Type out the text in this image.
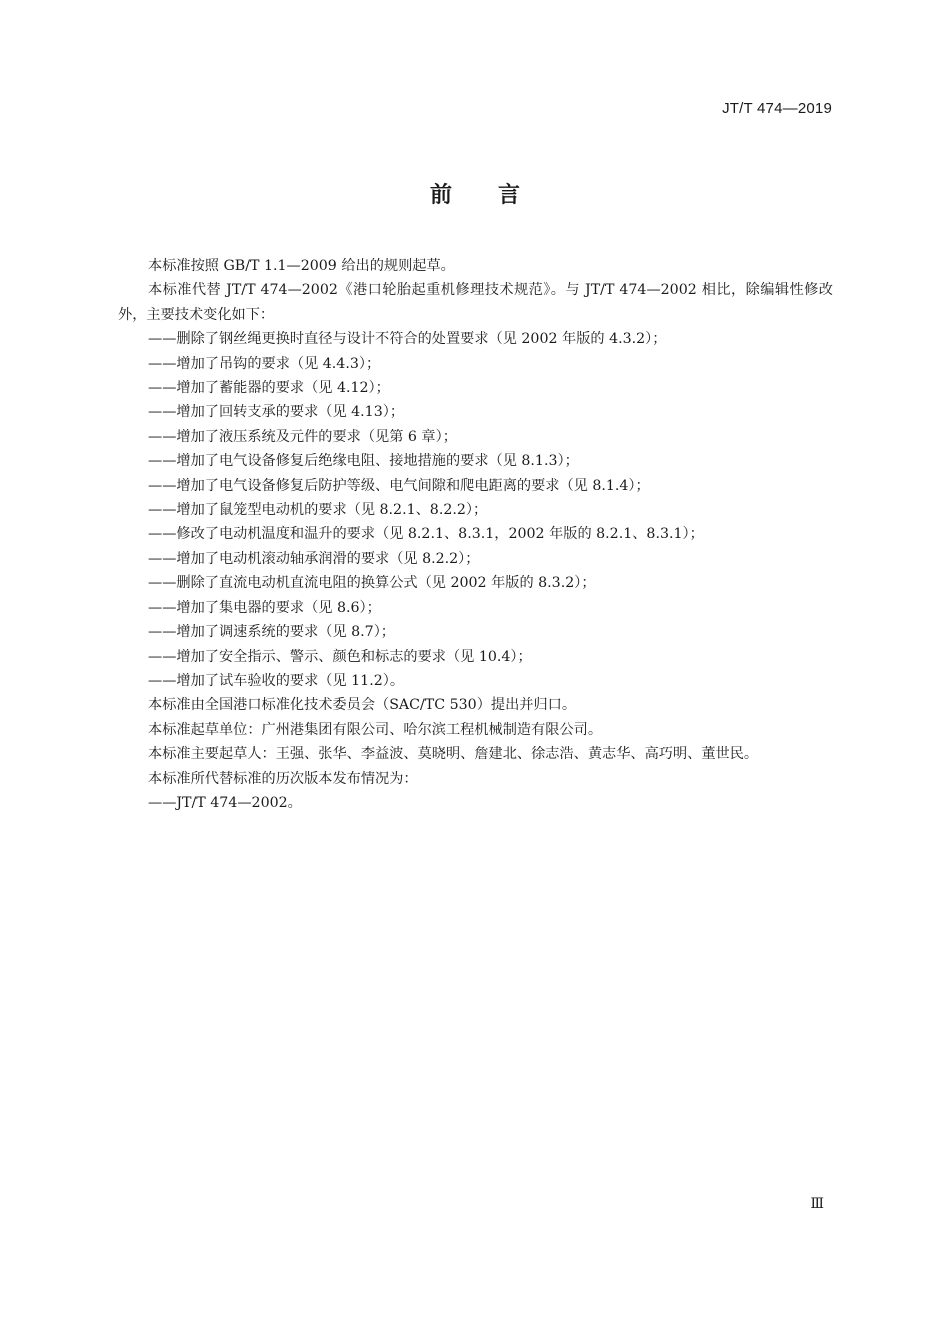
JT/T 474—2019
前言
本标准按照 GB/T 1.1—2009 给出的规则起草。
本标准代替 JT/T 474—2002《港口轮胎起重机修理技术规范》。与 JT/T 474—2002 相比，除编辑性修改外，主要技术变化如下：
——删除了钢丝绳更换时直径与设计不符合的处置要求（见 2002 年版的 4.3.2）；
——增加了吊钩的要求（见 4.4.3）；
——增加了蓄能器的要求（见 4.12）；
——增加了回转支承的要求（见 4.13）；
——增加了液压系统及元件的要求（见第 6 章）；
——增加了电气设备修复后绝缘电阻、接地措施的要求（见 8.1.3）；
——增加了电气设备修复后防护等级、电气间隙和爬电距离的要求（见 8.1.4）；
——增加了鼠笼型电动机的要求（见 8.2.1、8.2.2）；
——修改了电动机温度和温升的要求（见 8.2.1、8.3.1，2002 年版的 8.2.1、8.3.1）；
——增加了电动机滚动轴承润滑的要求（见 8.2.2）；
——删除了直流电动机直流电阻的换算公式（见 2002 年版的 8.3.2）；
——增加了集电器的要求（见 8.6）；
——增加了调速系统的要求（见 8.7）；
——增加了安全指示、警示、颜色和标志的要求（见 10.4）；
——增加了试车验收的要求（见 11.2）。
本标准由全国港口标准化技术委员会（SAC/TC 530）提出并归口。
本标准起草单位：广州港集团有限公司、哈尔滨工程机械制造有限公司。
本标准主要起草人：王强、张华、李益波、莫晓明、詹建北、徐志浩、黄志华、高巧明、董世民。
本标准所代替标准的历次版本发布情况为：
——JT/T 474—2002。
Ⅲ
